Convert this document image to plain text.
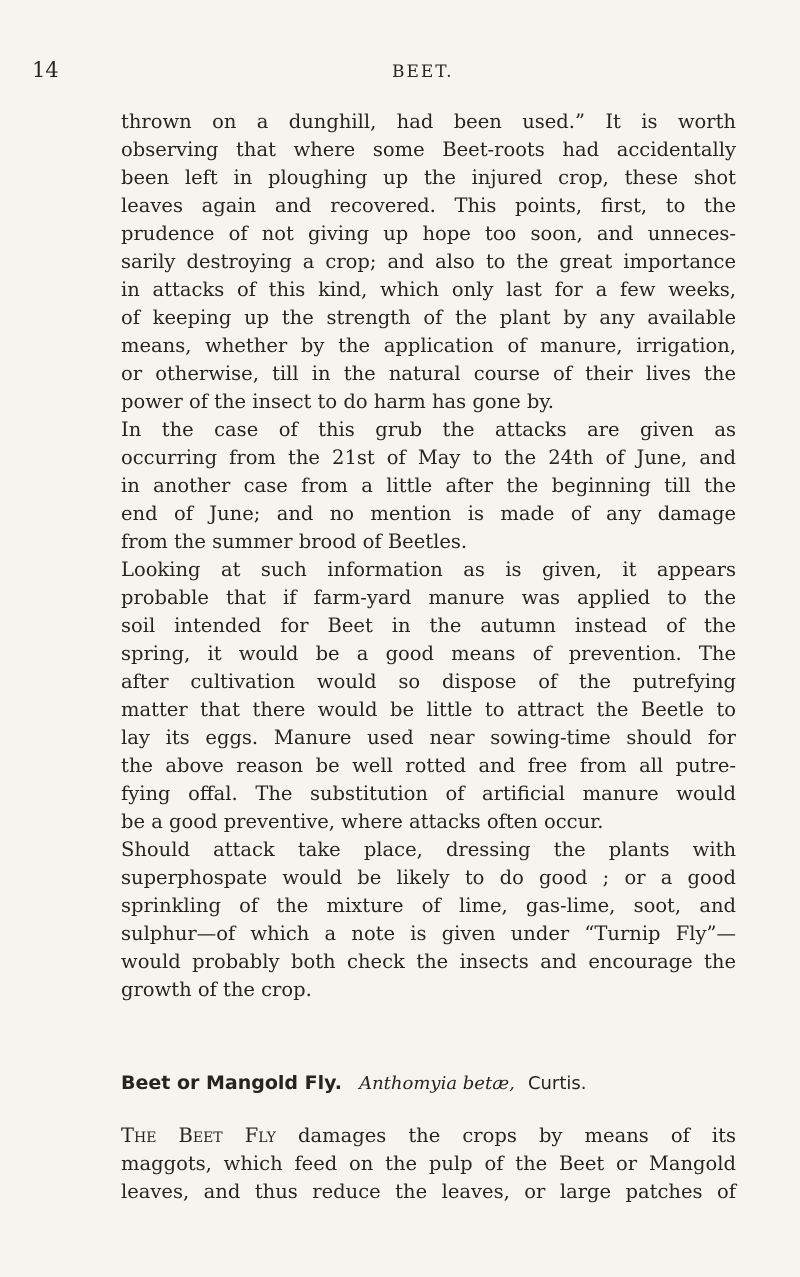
14	BEET.
thrown on a dunghill, had been used.” It is worth
observing that where some Beet-roots had accidentally
been left in ploughing up the injured crop, these shot
leaves again and recovered. This points, first, to the
prudence of not giving up hope too soon, and unneces-
sarily destroying a crop; and also to the great importance
in attacks of this kind, which only last for a few weeks,
of keeping up the strength of the plant by any available
means, whether by the application of manure, irrigation,
or otherwise, till in the natural course of their lives the
power of the insect to do harm has gone by.
In the case of this grub the attacks are given as
occurring from the 21st of May to the 24th of June, and
in another case from a little after the beginning till the
end of June; and no mention is made of any damage
from the summer brood of Beetles.
Looking at such information as is given, it appears
probable that if farm-yard manure was applied to the
soil intended for Beet in the autumn instead of the
spring, it would be a good means of prevention. The
after cultivation would so dispose of the putrefying
matter that there would be little to attract the Beetle to
lay its eggs. Manure used near sowing-time should for
the above reason be well rotted and free from all putre-
fying offal. The substitution of artificial manure would
be a good preventive, where attacks often occur.
Should attack take place, dressing the plants with
superphospate would be likely to do good ; or a good
sprinkling of the mixture of lime, gas-lime, soot, and
sulphur—of which a note is given under “Turnip Fly”—
would probably both check the insects and encourage the
growth of the crop.
Beet or Mangold Fly. Anthomyia betæ, Curtis.
The Beet Fly damages the crops by means of its
maggots, which feed on the pulp of the Beet or Mangold
leaves, and thus reduce the leaves, or large patches of
